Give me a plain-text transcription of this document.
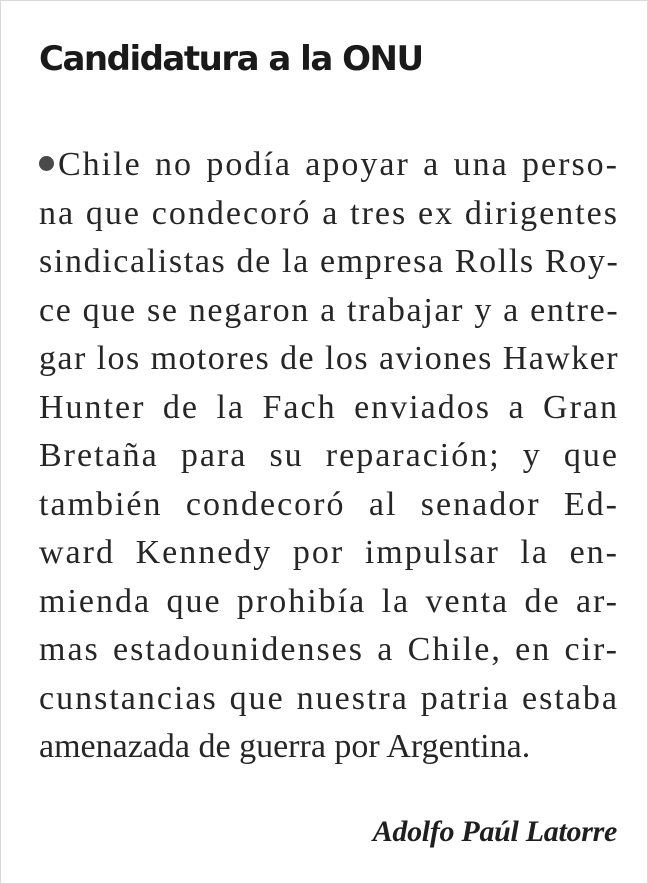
Candidatura a la ONU
Chile no podía apoyar a una perso-
na que condecoró a tres ex dirigentes
sindicalistas de la empresa Rolls Roy-
ce que se negaron a trabajar y a entre-
gar los motores de los aviones Hawker
Hunter de la Fach enviados a Gran
Bretaña para su reparación; y que
también condecoró al senador Ed-
ward Kennedy por impulsar la en-
mienda que prohibía la venta de ar-
mas estadounidenses a Chile, en cir-
cunstancias que nuestra patria estaba
amenazada de guerra por Argentina.
Adolfo Paúl Latorre
